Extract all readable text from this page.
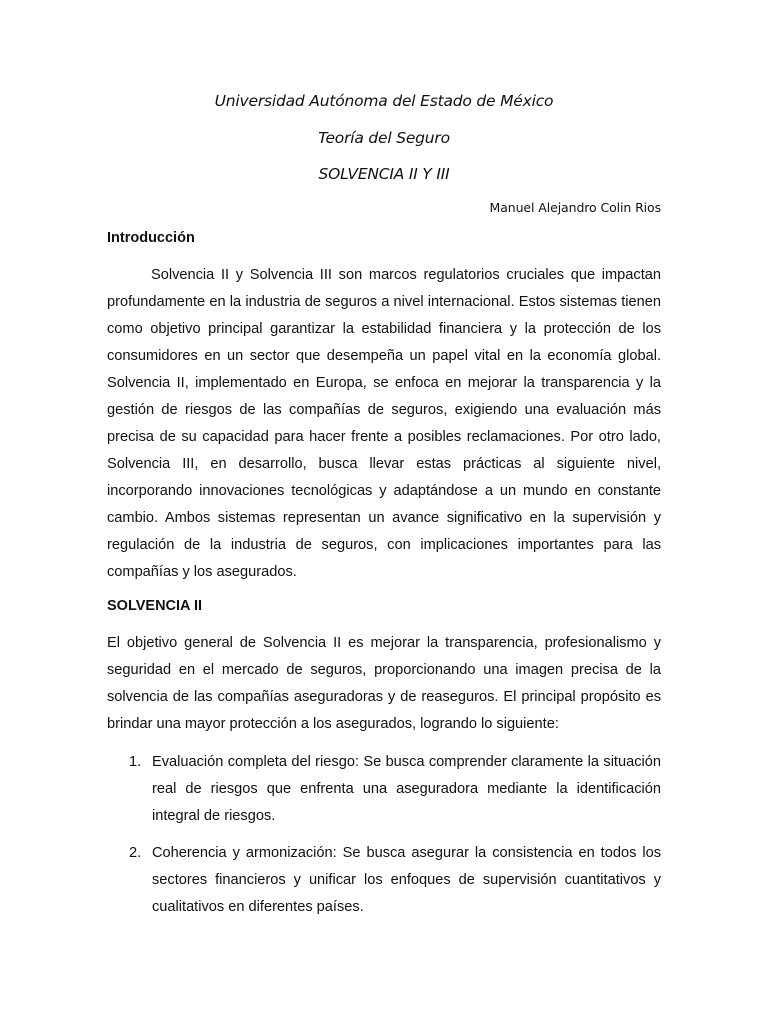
Universidad Autónoma del Estado de México
Teoría del Seguro
SOLVENCIA II Y III
Manuel Alejandro Colin Rios
Introducción

Solvencia II y Solvencia III son marcos regulatorios cruciales que impactan profundamente en la industria de seguros a nivel internacional. Estos sistemas tienen como objetivo principal garantizar la estabilidad financiera y la protección de los consumidores en un sector que desempeña un papel vital en la economía global. Solvencia II, implementado en Europa, se enfoca en mejorar la transparencia y la gestión de riesgos de las compañías de seguros, exigiendo una evaluación más precisa de su capacidad para hacer frente a posibles reclamaciones. Por otro lado, Solvencia III, en desarrollo, busca llevar estas prácticas al siguiente nivel, incorporando innovaciones tecnológicas y adaptándose a un mundo en constante cambio. Ambos sistemas representan un avance significativo en la supervisión y regulación de la industria de seguros, con implicaciones importantes para las compañías y los asegurados.

SOLVENCIA II

El objetivo general de Solvencia II es mejorar la transparencia, profesionalismo y seguridad en el mercado de seguros, proporcionando una imagen precisa de la solvencia de las compañías aseguradoras y de reaseguros. El principal propósito es brindar una mayor protección a los asegurados, logrando lo siguiente:

1. Evaluación completa del riesgo: Se busca comprender claramente la situación real de riesgos que enfrenta una aseguradora mediante la identificación integral de riesgos.
2. Coherencia y armonización: Se busca asegurar la consistencia en todos los sectores financieros y unificar los enfoques de supervisión cuantitativos y cualitativos en diferentes países.
